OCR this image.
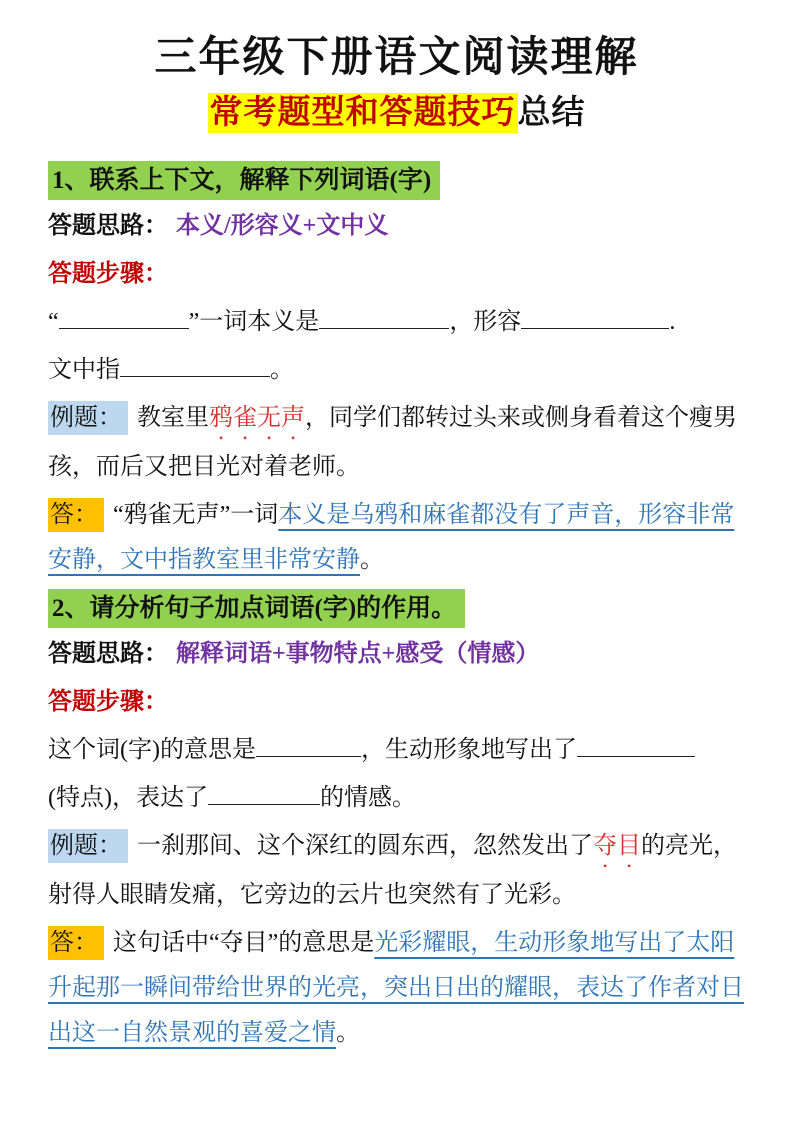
三年级下册语文阅读理解
常考题型和答题技巧总结
1、联系上下文，解释下列词语(字)

答题思路： 本义/形容义+文中义

答题步骤：

“	”一词本义是	，形容	.

文中指	。

例题： 教室里鸦雀无声，同学们都转过头来或侧身看着这个瘦男孩，而后又把目光对着老师。

答： “鸦雀无声”一词本义是乌鸦和麻雀都没有了声音，形容非常安静，文中指教室里非常安静。

2、请分析句子加点词语(字)的作用。

答题思路： 解释词语+事物特点+感受（情感）

答题步骤：

这个词(字)的意思是	，生动形象地写出了

(特点)，表达了	的情感。

例题： 一刹那间、这个深红的圆东西，忽然发出了夺目的亮光，射得人眼睛发痛，它旁边的云片也突然有了光彩。

答： 这句话中“夺目”的意思是光彩耀眼，生动形象地写出了太阳升起那一瞬间带给世界的光亮，突出日出的耀眼，表达了作者对日出这一自然景观的喜爱之情。
